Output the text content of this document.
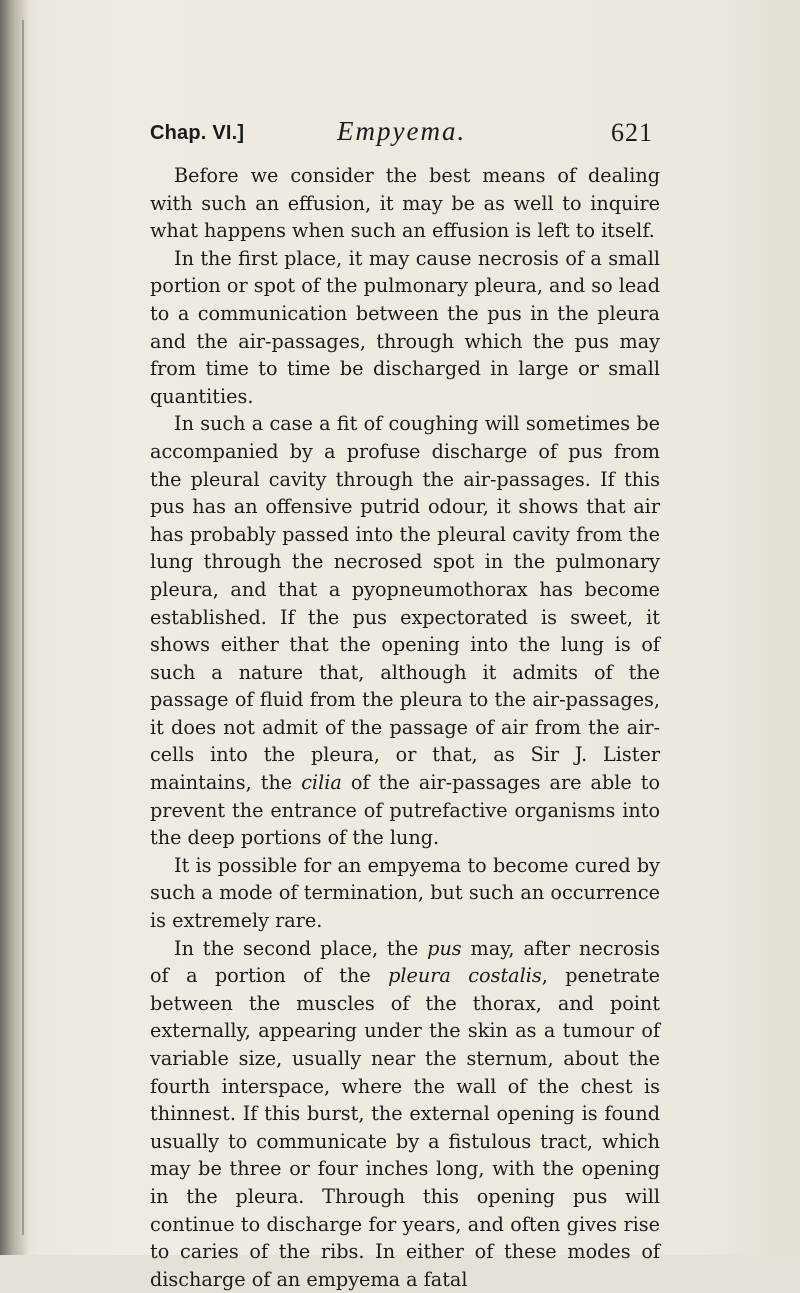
Chap. VI.]	Empyema.	621

Before we consider the best means of dealing with such an effusion, it may be as well to inquire what happens when such an effusion is left to itself.

In the first place, it may cause necrosis of a small portion or spot of the pulmonary pleura, and so lead to a communication between the pus in the pleura and the air-passages, through which the pus may from time to time be discharged in large or small quantities.

In such a case a fit of coughing will sometimes be accompanied by a profuse discharge of pus from the pleural cavity through the air-passages. If this pus has an offensive putrid odour, it shows that air has probably passed into the pleural cavity from the lung through the necrosed spot in the pulmonary pleura, and that a pyopneumothorax has become established. If the pus expectorated is sweet, it shows either that the opening into the lung is of such a nature that, although it admits of the passage of fluid from the pleura to the air-passages, it does not admit of the passage of air from the air-cells into the pleura, or that, as Sir J. Lister maintains, the cilia of the air-passages are able to prevent the entrance of putrefactive organisms into the deep portions of the lung.

It is possible for an empyema to become cured by such a mode of termination, but such an occurrence is extremely rare.

In the second place, the pus may, after necrosis of a portion of the pleura costalis, penetrate between the muscles of the thorax, and point externally, appearing under the skin as a tumour of variable size, usually near the sternum, about the fourth interspace, where the wall of the chest is thinnest. If this burst, the external opening is found usually to communicate by a fistulous tract, which may be three or four inches long, with the opening in the pleura. Through this opening pus will continue to discharge for years, and often gives rise to caries of the ribs. In either of these modes of discharge of an empyema a fatal
